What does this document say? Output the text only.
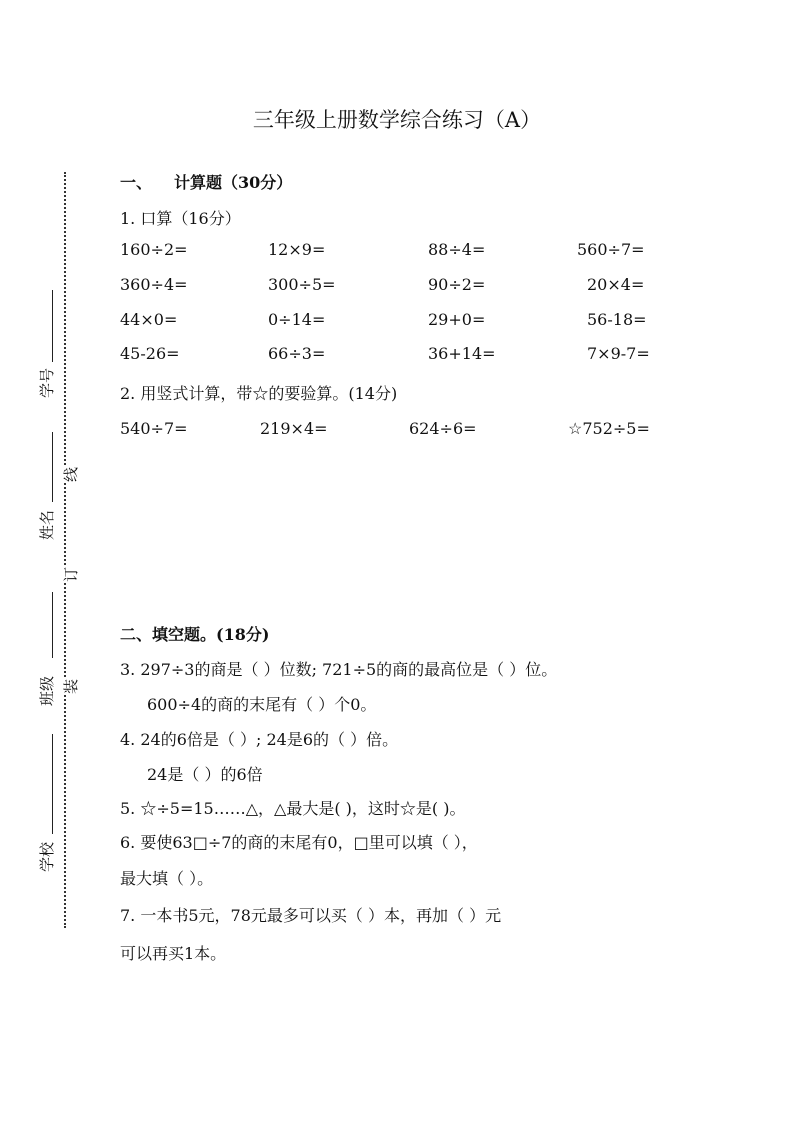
三年级上册数学综合练习（A）
学号
姓名
班级
学校
线
订
装
一、 计算题（30分）
1. 口算（16分）
160÷2=	12×9=	88÷4=	560÷7=
360÷4=	300÷5=	90÷2=	20×4=
44×0=	0÷14=	29+0=	56-18=
45-26=	66÷3=	36+14=	7×9-7=
2. 用竖式计算，带☆的要验算。(14分)
540÷7=	219×4=	624÷6=	☆752÷5=
二、填空题。(18分)
3. 297÷3的商是（ ）位数; 721÷5的商的最高位是（ ）位。
600÷4的商的末尾有（ ）个0。
4. 24的6倍是（ ）; 24是6的（ ）倍。
24是（ ）的6倍
5. ☆÷5=15……△，△最大是( )，这时☆是( )。
6. 要使63□÷7的商的末尾有0，□里可以填（ ），
最大填（ ）。
7. 一本书5元，78元最多可以买（ ）本，再加（ ）元
可以再买1本。
